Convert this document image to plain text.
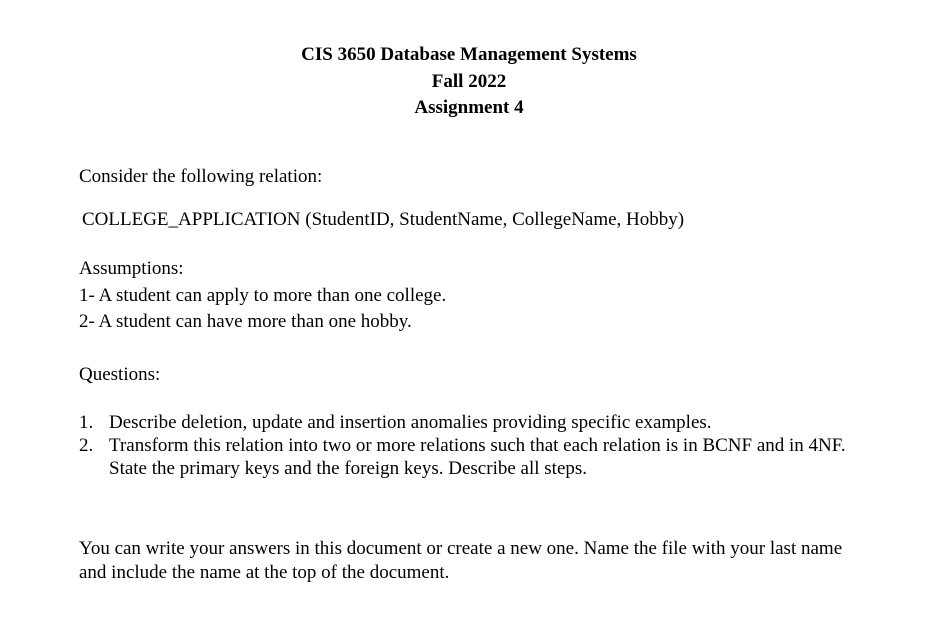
CIS 3650 Database Management Systems
Fall 2022
Assignment 4
Consider the following relation:
COLLEGE_APPLICATION (StudentID, StudentName, CollegeName, Hobby)
Assumptions:
1- A student can apply to more than one college.
2- A student can have more than one hobby.
Questions:
1. Describe deletion, update and insertion anomalies providing specific examples.
2. Transform this relation into two or more relations such that each relation is in BCNF and in 4NF. State the primary keys and the foreign keys. Describe all steps.
You can write your answers in this document or create a new one. Name the file with your last name and include the name at the top of the document.
